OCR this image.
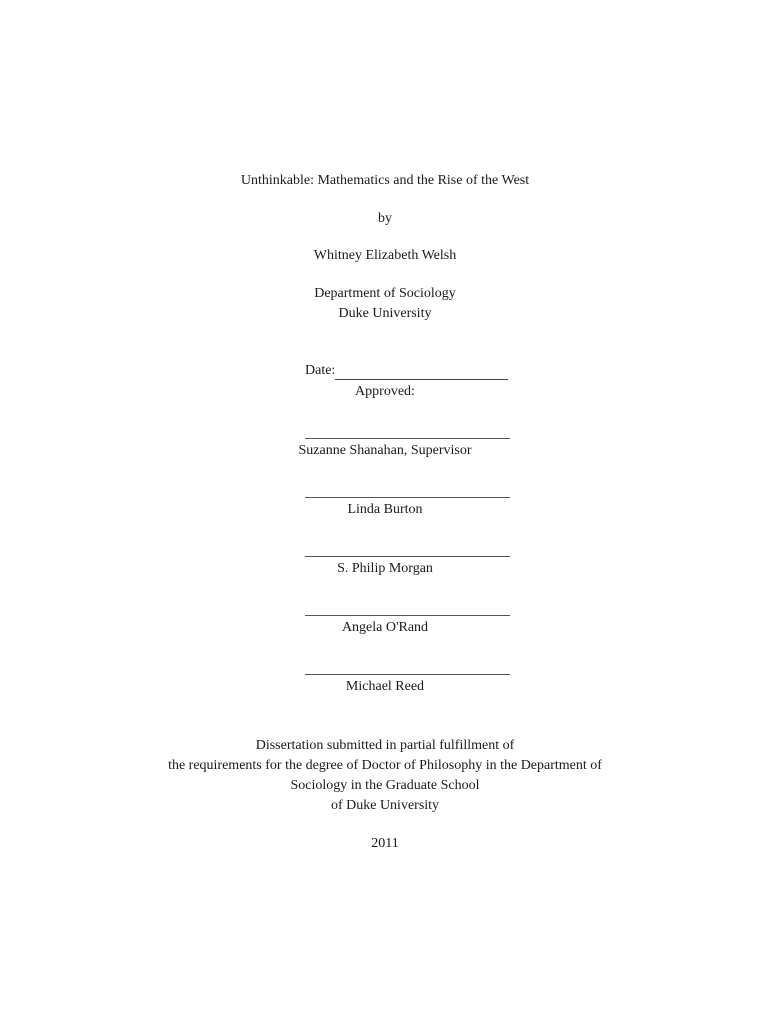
Unthinkable: Mathematics and the Rise of the West
by
Whitney Elizabeth Welsh
Department of Sociology
Duke University
Date:
Approved:
Suzanne Shanahan, Supervisor
Linda Burton
S. Philip Morgan
Angela O'Rand
Michael Reed
Dissertation submitted in partial fulfillment of
the requirements for the degree of Doctor of Philosophy in the Department of
Sociology in the Graduate School
of Duke University
2011
